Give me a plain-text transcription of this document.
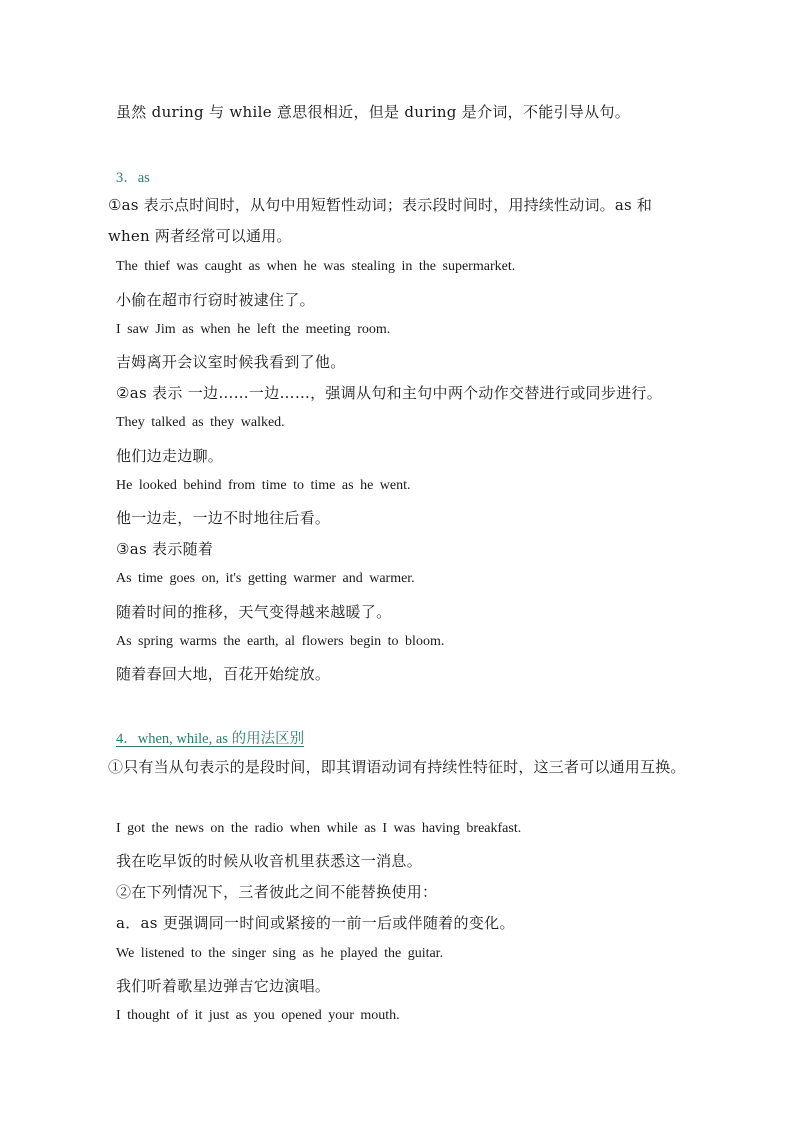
虽然 during 与 while 意思很相近，但是 during 是介词，不能引导从句。
3．as
①as 表示点时间时，从句中用短暂性动词；表示段时间时，用持续性动词。as 和 when 两者经常可以通用。
The thief was caught as when he was stealing in the supermarket.
小偷在超市行窃时被逮住了。
I saw Jim as when he left the meeting room.
吉姆离开会议室时候我看到了他。
②as 表示 一边……一边……，强调从句和主句中两个动作交替进行或同步进行。
They talked as they walked.
他们边走边聊。
He looked behind from time to time as he went.
他一边走，一边不时地往后看。
③as 表示随着
As time goes on, it's getting warmer and warmer.
随着时间的推移，天气变得越来越暖了。
As spring warms the earth, al flowers begin to bloom.
随着春回大地，百花开始绽放。
4．when, while, as 的用法区别
①只有当从句表示的是段时间，即其谓语动词有持续性特征时，这三者可以通用互换。
I got the news on the radio when while as I was having breakfast.
我在吃早饭的时候从收音机里获悉这一消息。
②在下列情况下，三者彼此之间不能替换使用：
a．as 更强调同一时间或紧接的一前一后或伴随着的变化。
We listened to the singer sing as he played the guitar.
我们听着歌星边弹吉它边演唱。
I thought of it just as you opened your mouth.
